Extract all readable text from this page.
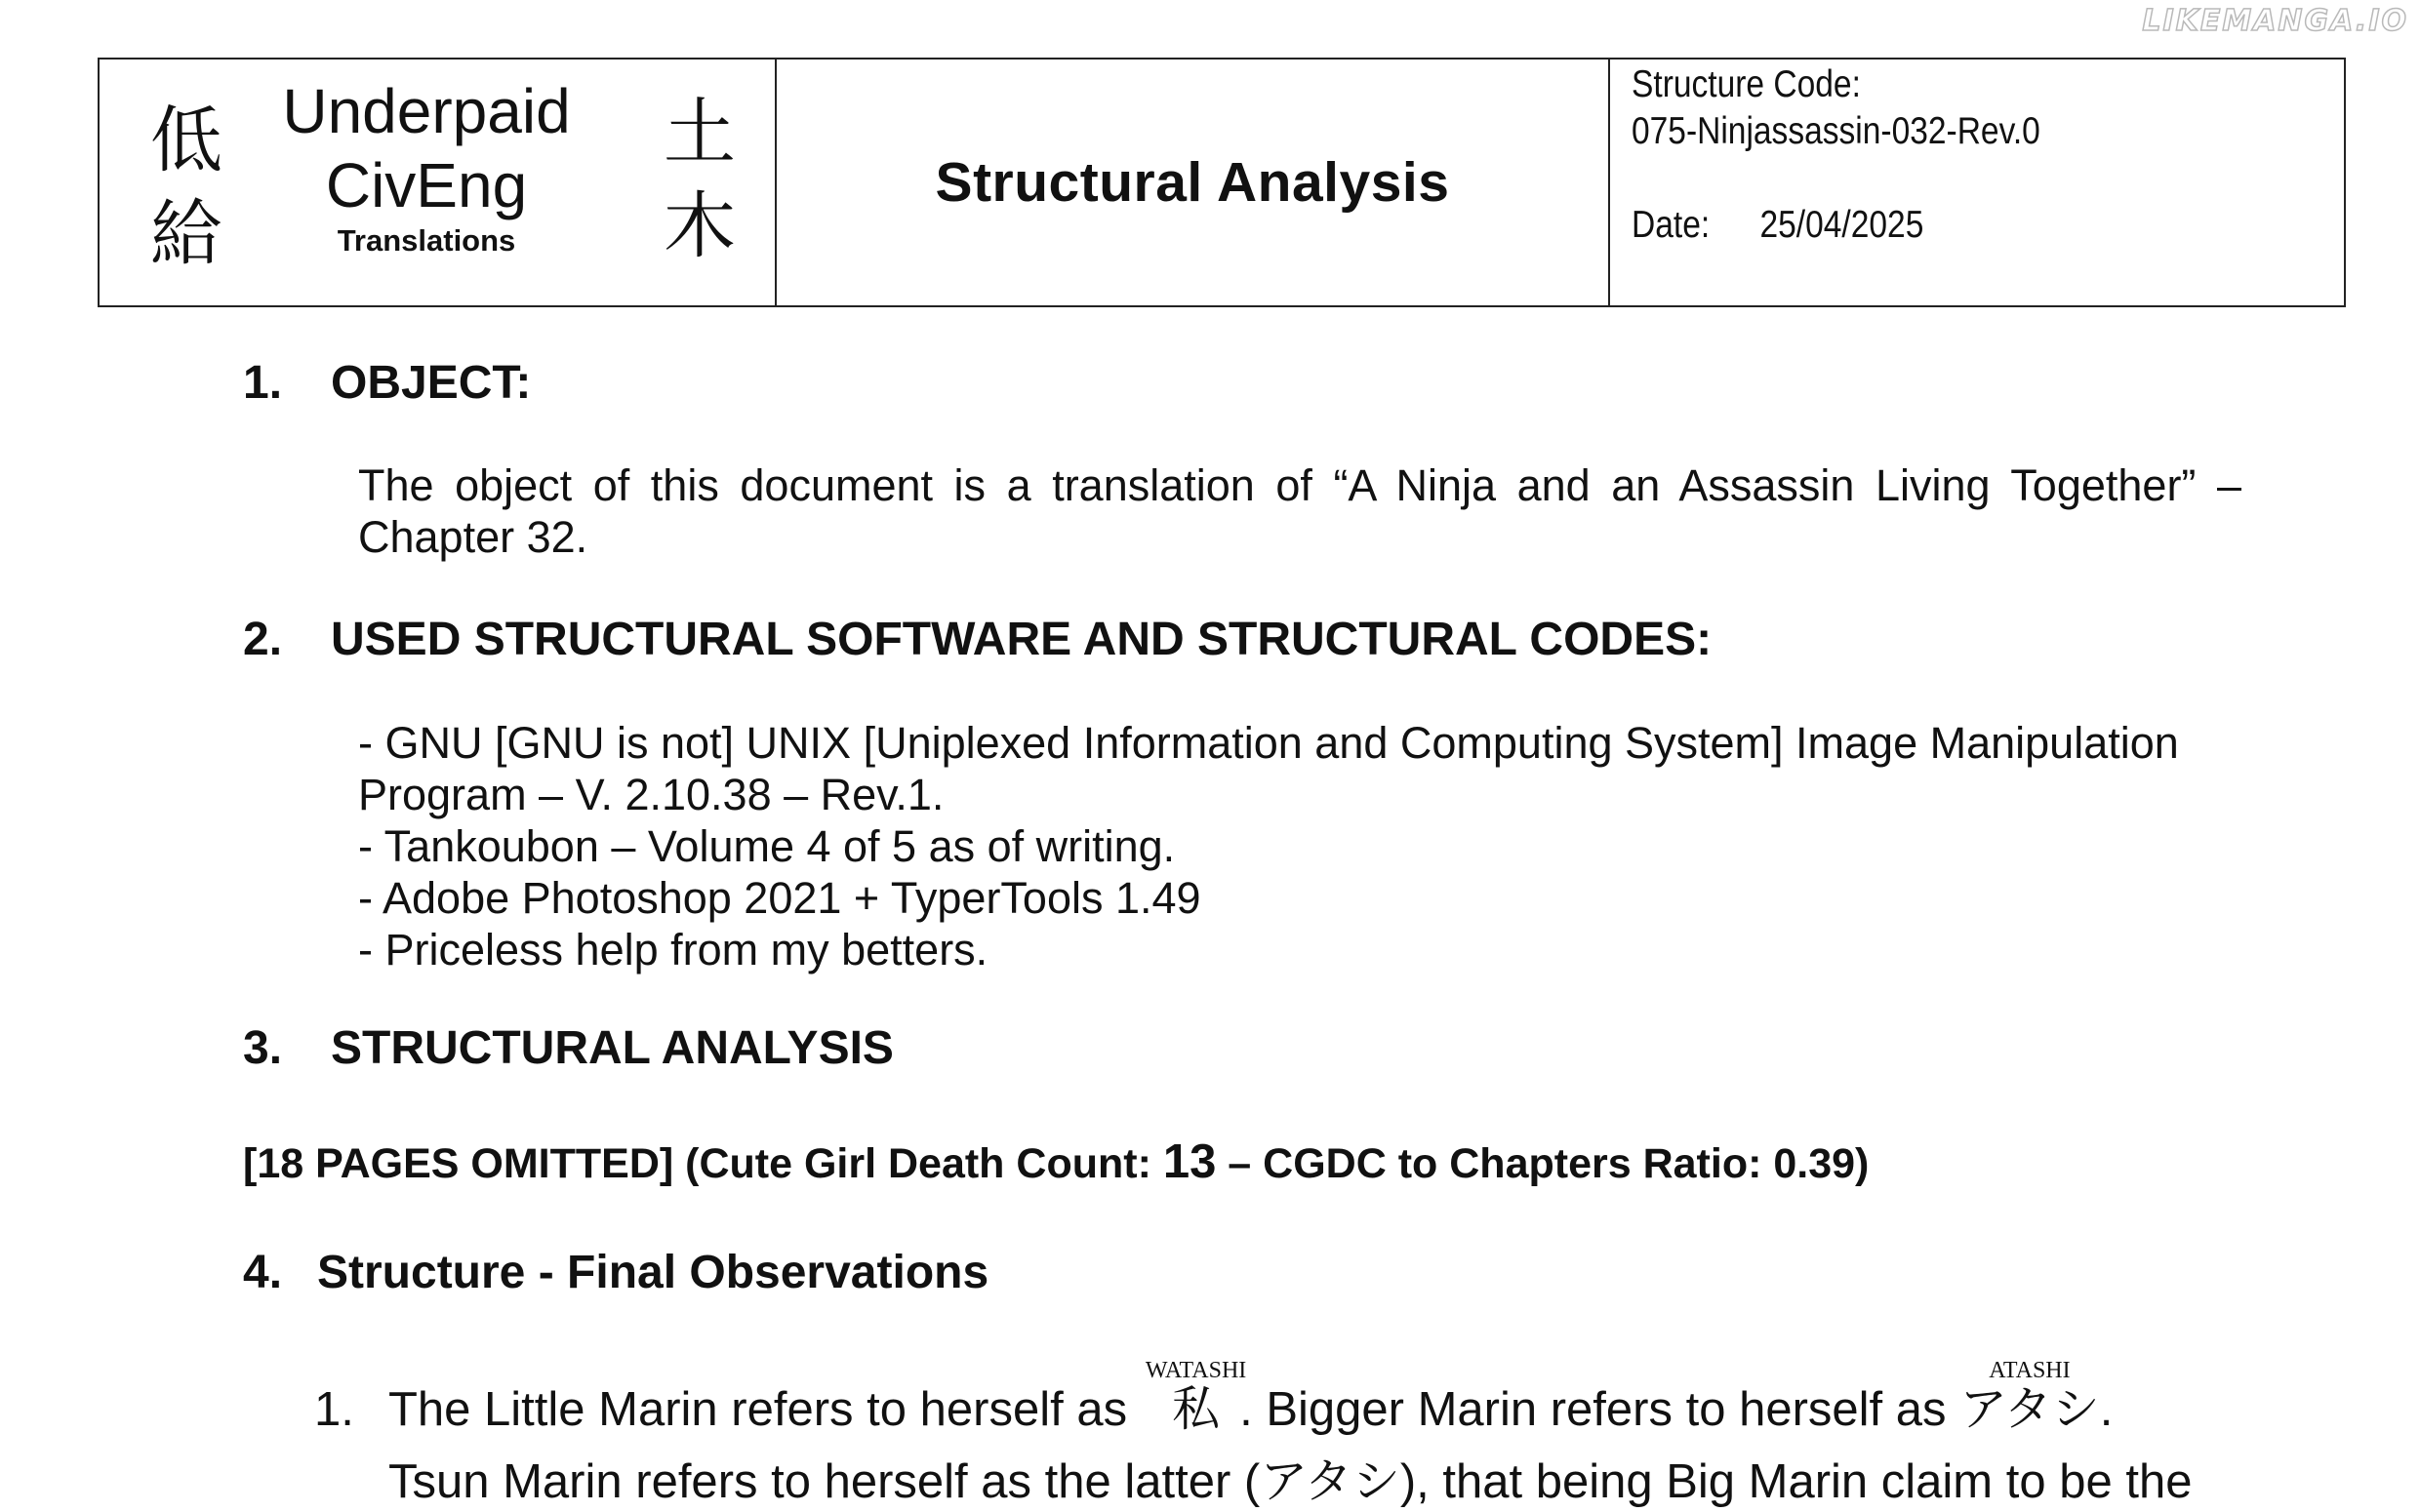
LIKEMANGA.IO
低
給
土
木
Underpaid
CivEng
Translations
Structural Analysis
Structure Code:
075-Ninjassassin-032-Rev.0
Date: 25/04/2025
1. OBJECT:
The object of this document is a translation of “A Ninja and an Assassin Living Together” – Chapter 32.
2. USED STRUCTURAL SOFTWARE AND STRUCTURAL CODES:
- GNU [GNU is not] UNIX [Uniplexed Information and Computing System] Image Manipulation
Program – V. 2.10.38 – Rev.1.
- Tankoubon – Volume 4 of 5 as of writing.
- Adobe Photoshop 2021 + TyperTools 1.49
- Priceless help from my betters.
3. STRUCTURAL ANALYSIS
[18 PAGES OMITTED] (Cute Girl Death Count: 13 – CGDC to Chapters Ratio: 0.39)
4. Structure - Final Observations
1. The Little Marin refers to herself as
WATASHI
私 . Bigger Marin refers to herself as
ATASHI
アタシ.
Tsun Marin refers to herself as the latter (アタシ), that being Big Marin claim to be the
